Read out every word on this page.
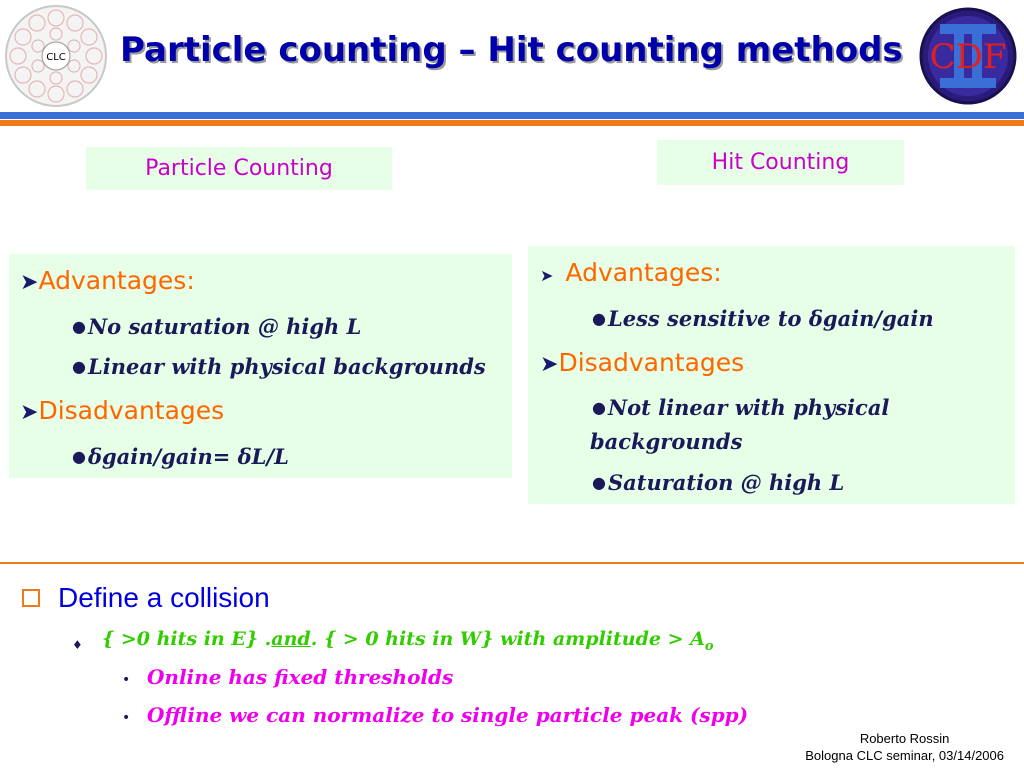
CLC Particle counting – Hit counting methods CDF
Particle Counting	Hit Counting
➤Advantages:
●No saturation @ high L
●Linear with physical backgrounds
➤Disadvantages
●δgain/gain= δL/L
➤ Advantages:
●Less sensitive to δgain/gain
➤Disadvantages
●Not linear with physical
backgrounds
●Saturation @ high L
Define a collision
♦ { >0 hits in E} .and. { > 0 hits in W} with amplitude > $A_o$
• Online has fixed thresholds
• Offline we can normalize to single particle peak (spp)
Roberto Rossin
Bologna CLC seminar, 03/14/2006
